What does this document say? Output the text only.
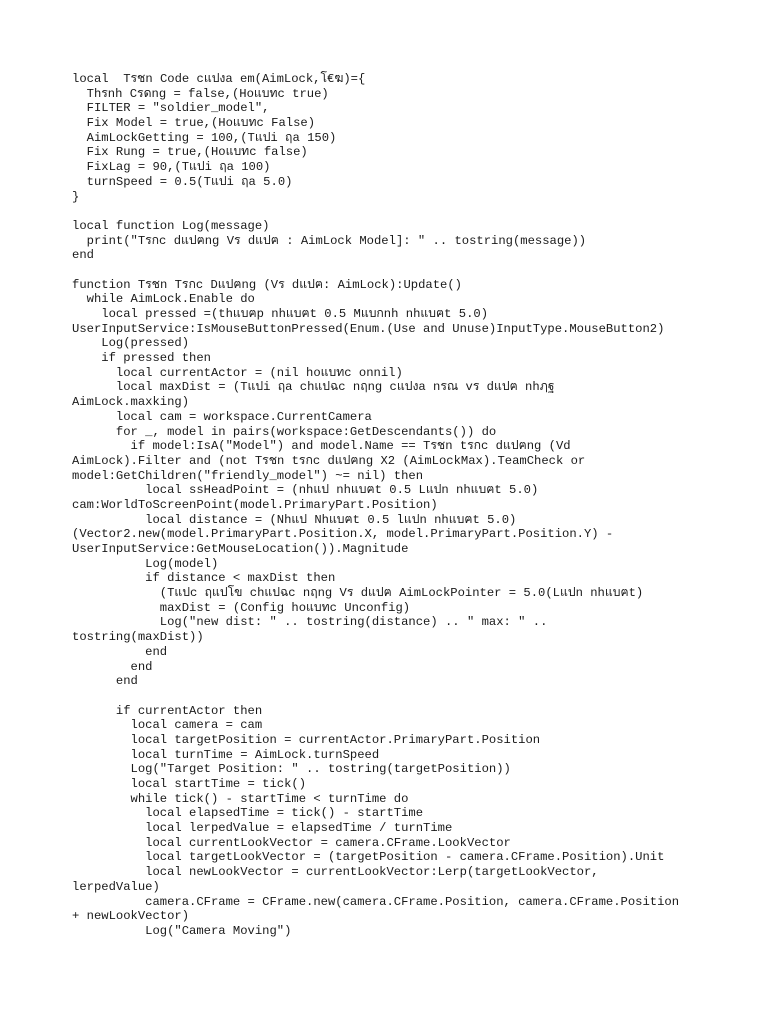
local  Tรชn Code cแปงa em(AimLock,โ€ฆ)={
Thรnh Cรดng = false,(Hoแบทc true)
FILTER = "soldier_model",
Fix Model = true,(Hoแบทc False)
AimLockGetting = 100,(Tแปi ฤa 150)
Fix Rung = true,(Hoแบทc false)
FixLag = 90,(Tแปi ฤa 100)
turnSpeed = 0.5(Tแปi ฤa 5.0)
}
local function Log(message)
print("Tรกc dแปฅng Vร dแปฅ : AimLock Model]: " .. tostring(message))
end
function Tรชn Tรกc Dแปฅng (Vร dแปฅ: AimLock):Update()
while AimLock.Enable do
local pressed =(thแบฅp nhแบฅt 0.5 Mแบกnh nhแบฅt 5.0)
UserInputService:IsMouseButtonPressed(Enum.(Use and Unuse)InputType.MouseButton2)
Log(pressed)
if pressed then
local currentActor = (nil hoแบทc onnil)
local maxDist = (Tแปi ฤa chแปฉc nฤng cแปงa nรณ vร dแปฅ nhฦฐ
AimLock.maxking)
local cam = workspace.CurrentCamera
for _, model in pairs(workspace:GetDescendants()) do
if model:IsA("Model") and model.Name == Tรชn tรกc dแปฅng (Vd
AimLock).Filter and (not Tรชn tรกc dแปฅng X2 (AimLockMax).TeamCheck or
model:GetChildren("friendly_model") ~= nil) then
local ssHeadPoint = (nhแป nhแบฅt 0.5 Lแปn nhแบฅt 5.0)
cam:WorldToScreenPoint(model.PrimaryPart.Position)
local distance = (Nhแป Nhแบฅt 0.5 lแปn nhแบฅt 5.0)
(Vector2.new(model.PrimaryPart.Position.X, model.PrimaryPart.Position.Y) -
UserInputService:GetMouseLocation()).Magnitude
Log(model)
if distance < maxDist then
(Tแปc ฤแปโข chแปฉc nฤng Vร dแปฅ AimLockPointer = 5.0(Lแปn nhแบฅt)
maxDist = (Config hoแบทc Unconfig)
Log("new dist: " .. tostring(distance) .. " max: " ..
tostring(maxDist))
end
end
end
if currentActor then
local camera = cam
local targetPosition = currentActor.PrimaryPart.Position
local turnTime = AimLock.turnSpeed
Log("Target Position: " .. tostring(targetPosition))
local startTime = tick()
while tick() - startTime < turnTime do
local elapsedTime = tick() - startTime
local lerpedValue = elapsedTime / turnTime
local currentLookVector = camera.CFrame.LookVector
local targetLookVector = (targetPosition - camera.CFrame.Position).Unit
local newLookVector = currentLookVector:Lerp(targetLookVector,
lerpedValue)
camera.CFrame = CFrame.new(camera.CFrame.Position, camera.CFrame.Position
+ newLookVector)
Log("Camera Moving")
